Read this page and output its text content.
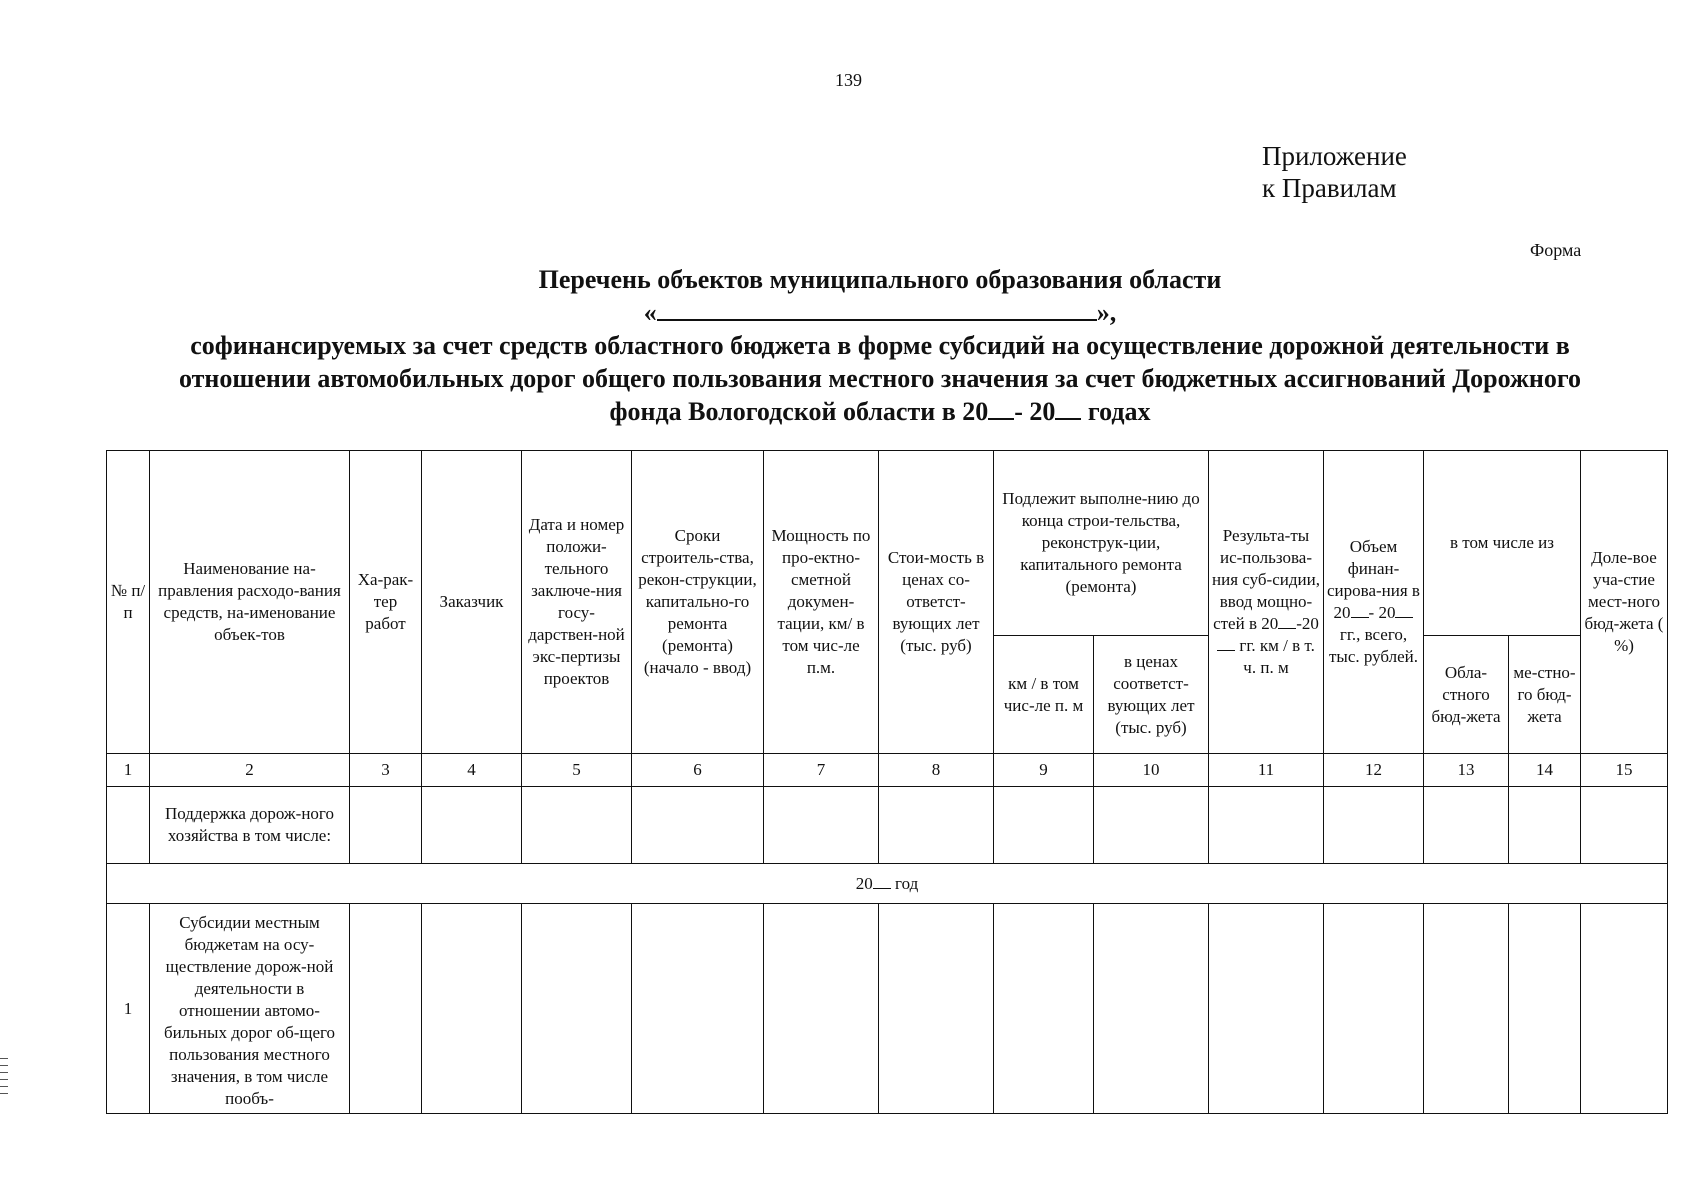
139
Приложение
к Правилам
Форма
Перечень объектов муниципального образования области
«	»,
софинансируемых за счет средств областного бюджета в форме субсидий на осуществление дорожной деятельности в
отношении автомобильных дорог общего пользования местного значения за счет бюджетных ассигнований Дорожного
фонда Вологодской области в 20 - 20 годах
№ п/ п	Наименование на-правления расходо-вания средств, на-именование объек-тов	Ха-рак-тер работ	Заказчик	Дата и номер положи-тельного заключе-ния госу-дарствен-ной экс-пертизы проектов	Сроки строитель-ства, рекон-струкции, капитально-го ремонта (ремонта) (начало - ввод)	Мощность по про-ектно-сметной докумен-тации, км/ в том чис-ле п.м.	Стои-мость в ценах со-ответст-вующих лет (тыс. руб)	Подлежит выполне-нию до конца строи-тельства, реконструк-ции, капитального ремонта (ремонта)		Результа-ты ис-пользова-ния суб-сидии, ввод мощно-стей в 20 -20 гг. км / в т. ч. п. м	Объем финан-сирова-ния в 20 - 20 гг., всего, тыс. рублей.	в том числе из		Доле-вое уча-стие мест-ного бюд-жета ( %)
								км / в том чис-ле п. м	в ценах соответст-вующих лет (тыс. руб)			Обла-стного бюд-жета	ме-стно-го бюд-жета	
1	2	3	4	5	6	7	8	9	10	11	12	13	14	15
	Поддержка дорож-ного хозяйства в том числе:													
20 год														
1	Субсидии местным бюджетам на осу-ществление дорож-ной деятельности в отношении автомо-бильных дорог об-щего пользования местного значения, в том числе пообъ-													
